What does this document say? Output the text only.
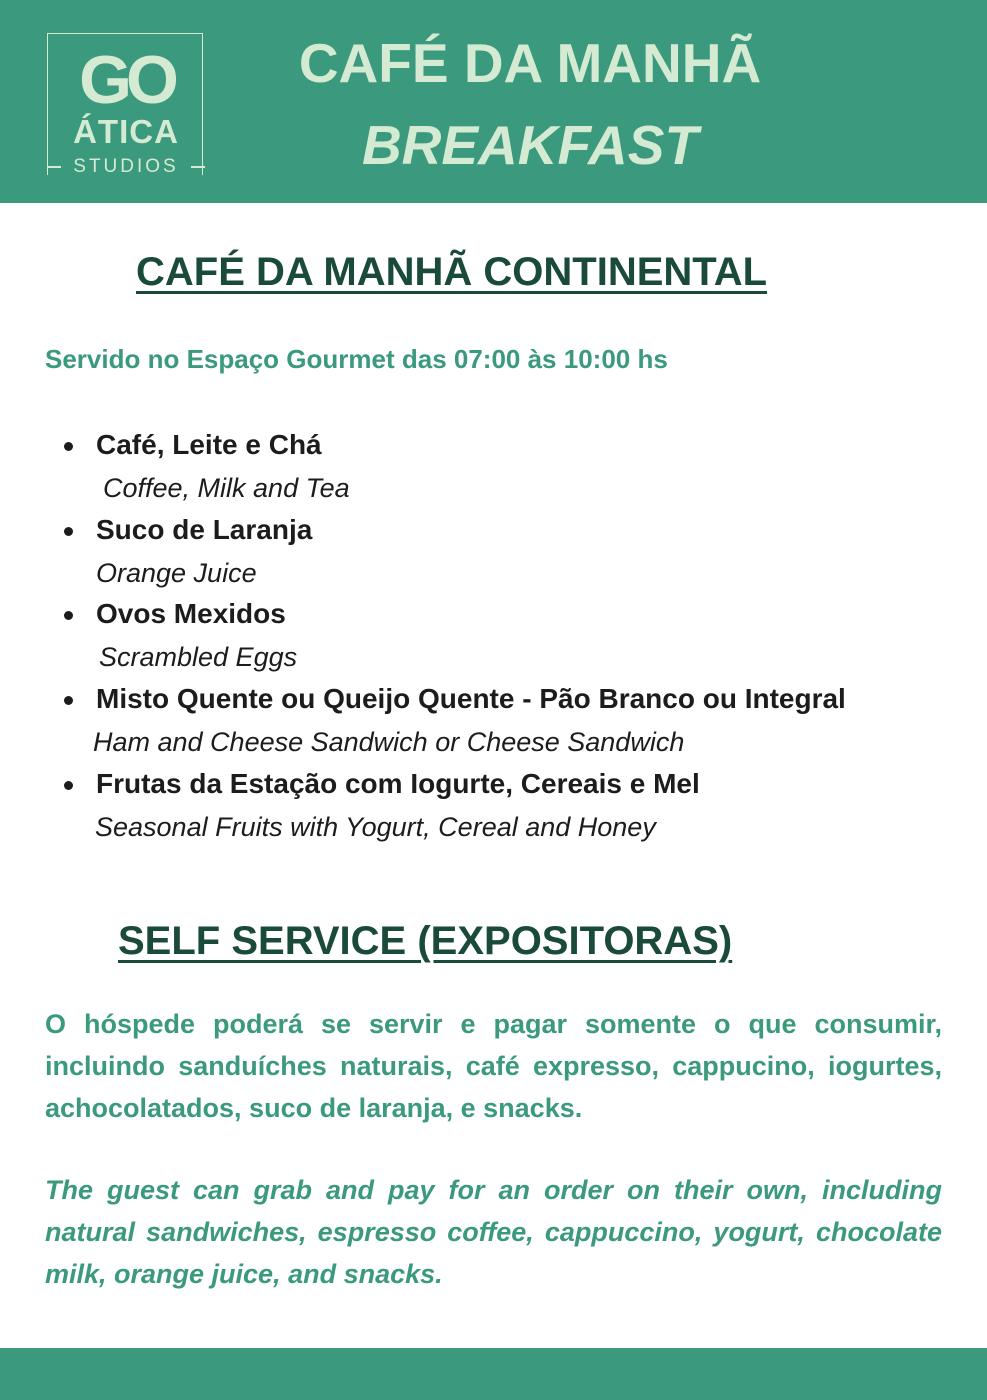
GO
ÁTICA
STUDIOS
CAFÉ DA MANHÃ
BREAKFAST
CAFÉ DA MANHÃ CONTINENTAL
Servido no Espaço Gourmet das 07:00 às 10:00 hs
Café, Leite e Chá
Coffee, Milk and Tea
Suco de Laranja
Orange Juice
Ovos Mexidos
Scrambled Eggs
Misto Quente ou Queijo Quente - Pão Branco ou Integral
Ham and Cheese Sandwich or Cheese Sandwich
Frutas da Estação com Iogurte, Cereais e Mel
Seasonal Fruits with Yogurt, Cereal and Honey
SELF SERVICE (EXPOSITORAS)
O hóspede poderá se servir e pagar somente o que consumir, incluindo sanduíches naturais, café expresso, cappucino, iogurtes, achocolatados, suco de laranja, e snacks.
The guest can grab and pay for an order on their own, including natural sandwiches, espresso coffee, cappuccino, yogurt, chocolate milk, orange juice, and snacks.
